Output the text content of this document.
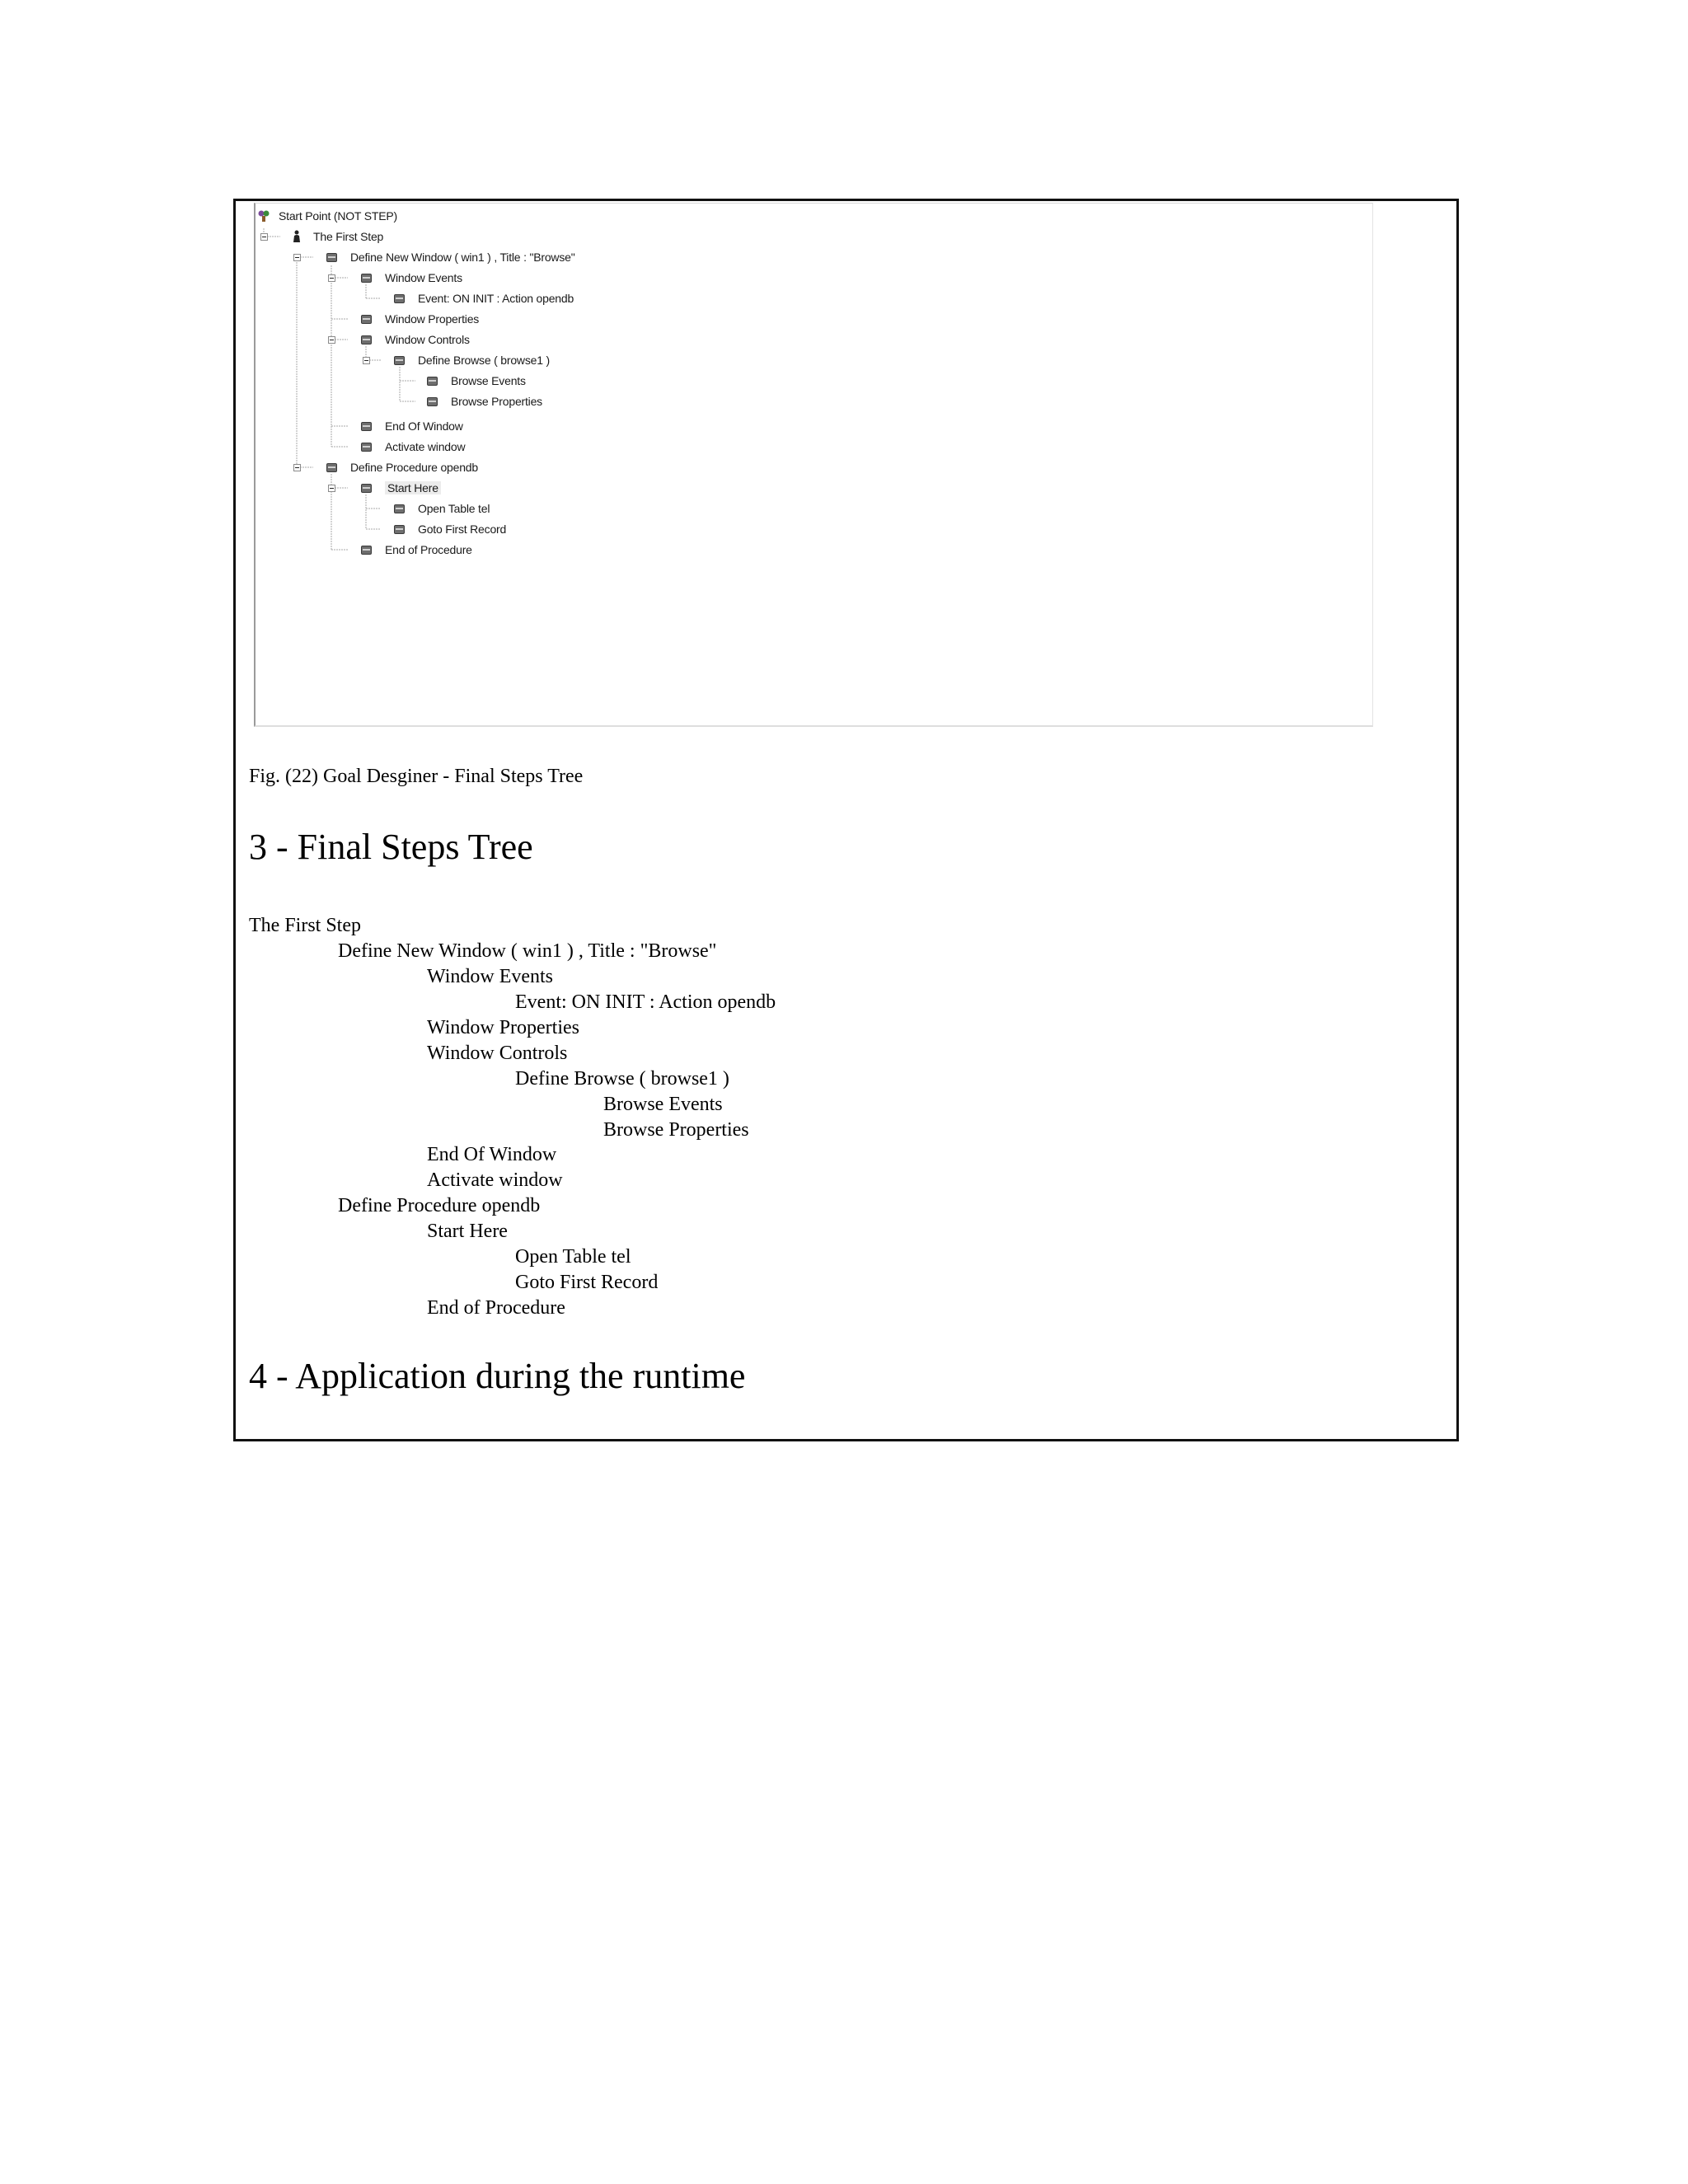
Start Point (NOT STEP)
The First Step
Define New Window ( win1 ) , Title : "Browse"
Window Events
Event: ON INIT : Action opendb
Window Properties
Window Controls
Define Browse ( browse1 )
Browse Events
Browse Properties
End Of Window
Activate window
Define Procedure opendb
Start Here
Open Table tel
Goto First Record
End of Procedure
Fig. (22) Goal Desginer - Final Steps Tree
3 - Final Steps Tree
The First Step
Define New Window ( win1 ) , Title : "Browse"
Window Events
Event: ON INIT : Action opendb
Window Properties
Window Controls
Define Browse ( browse1 )
Browse Events
Browse Properties
End Of Window
Activate window
Define Procedure opendb
Start Here
Open Table tel
Goto First Record
End of Procedure
4 - Application during the runtime
